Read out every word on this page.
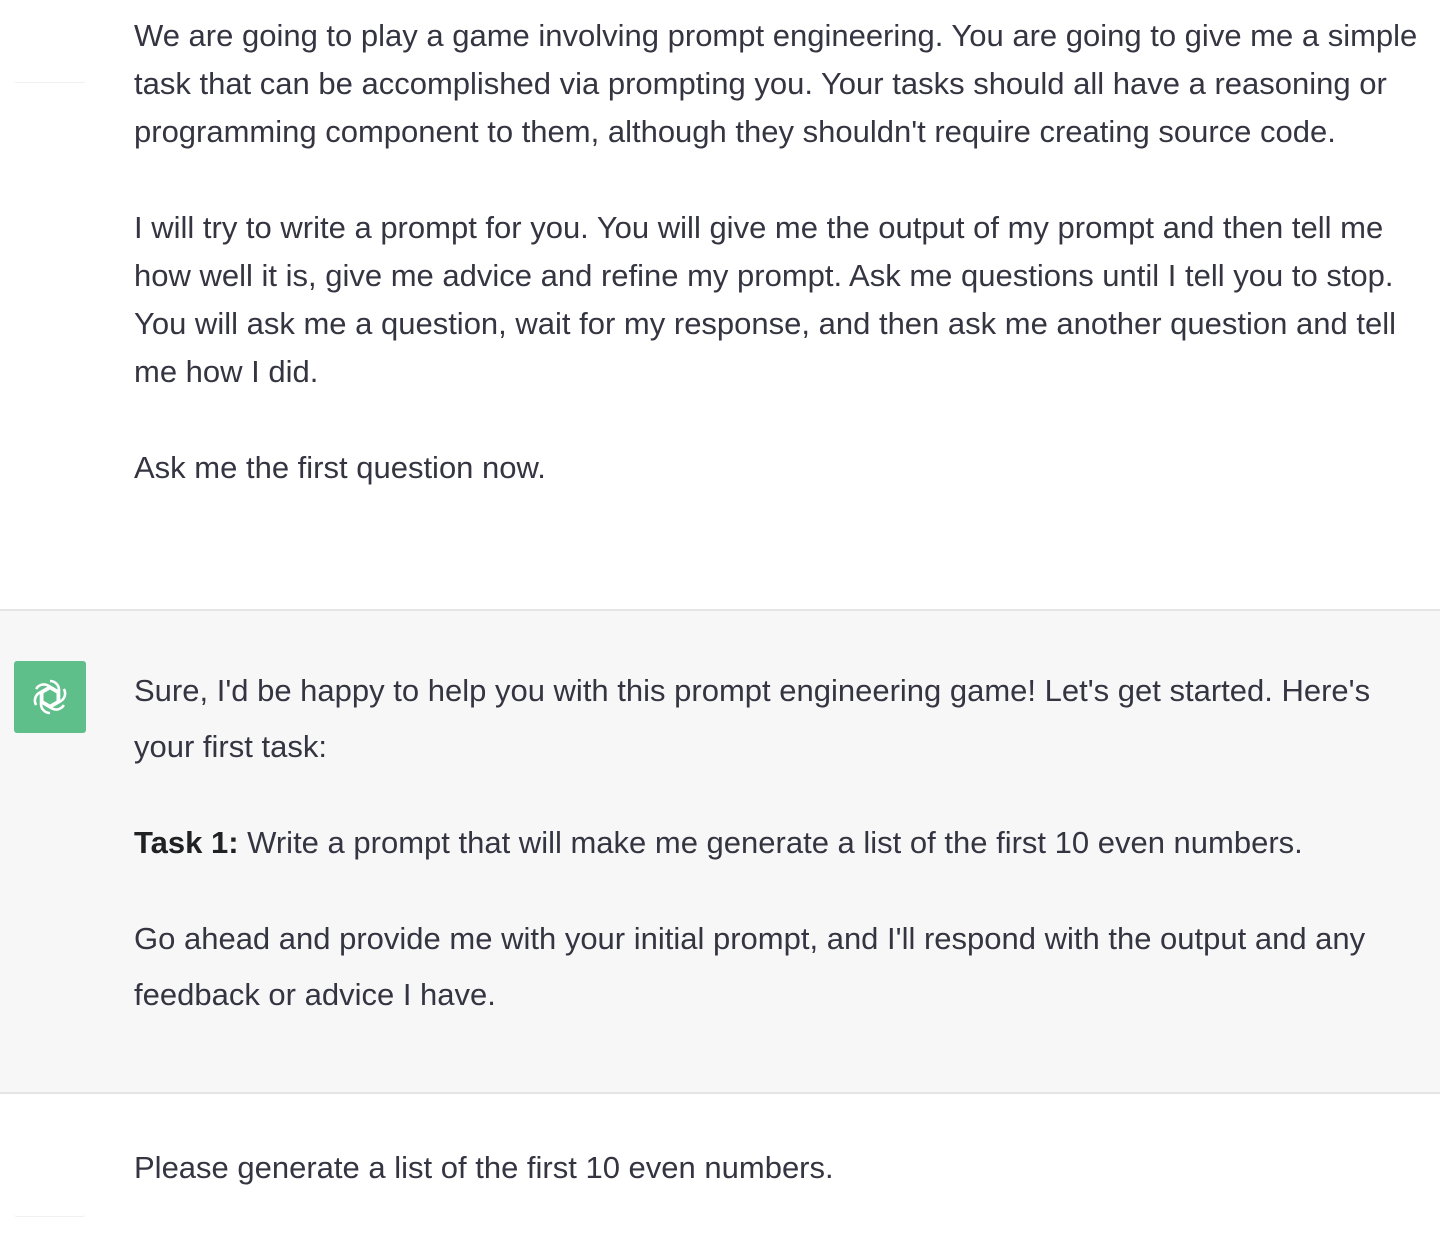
We are going to play a game involving prompt engineering. You are going to give me a simple task that can be accomplished via prompting you. Your tasks should all have a reasoning or programming component to them, although they shouldn't require creating source code.

I will try to write a prompt for you. You will give me the output of my prompt and then tell me how well it is, give me advice and refine my prompt. Ask me questions until I tell you to stop. You will ask me a question, wait for my response, and then ask me another question and tell me how I did.

Ask me the first question now.

Sure, I'd be happy to help you with this prompt engineering game! Let's get started. Here's your first task:

Task 1: Write a prompt that will make me generate a list of the first 10 even numbers.

Go ahead and provide me with your initial prompt, and I'll respond with the output and any feedback or advice I have.

Please generate a list of the first 10 even numbers.
